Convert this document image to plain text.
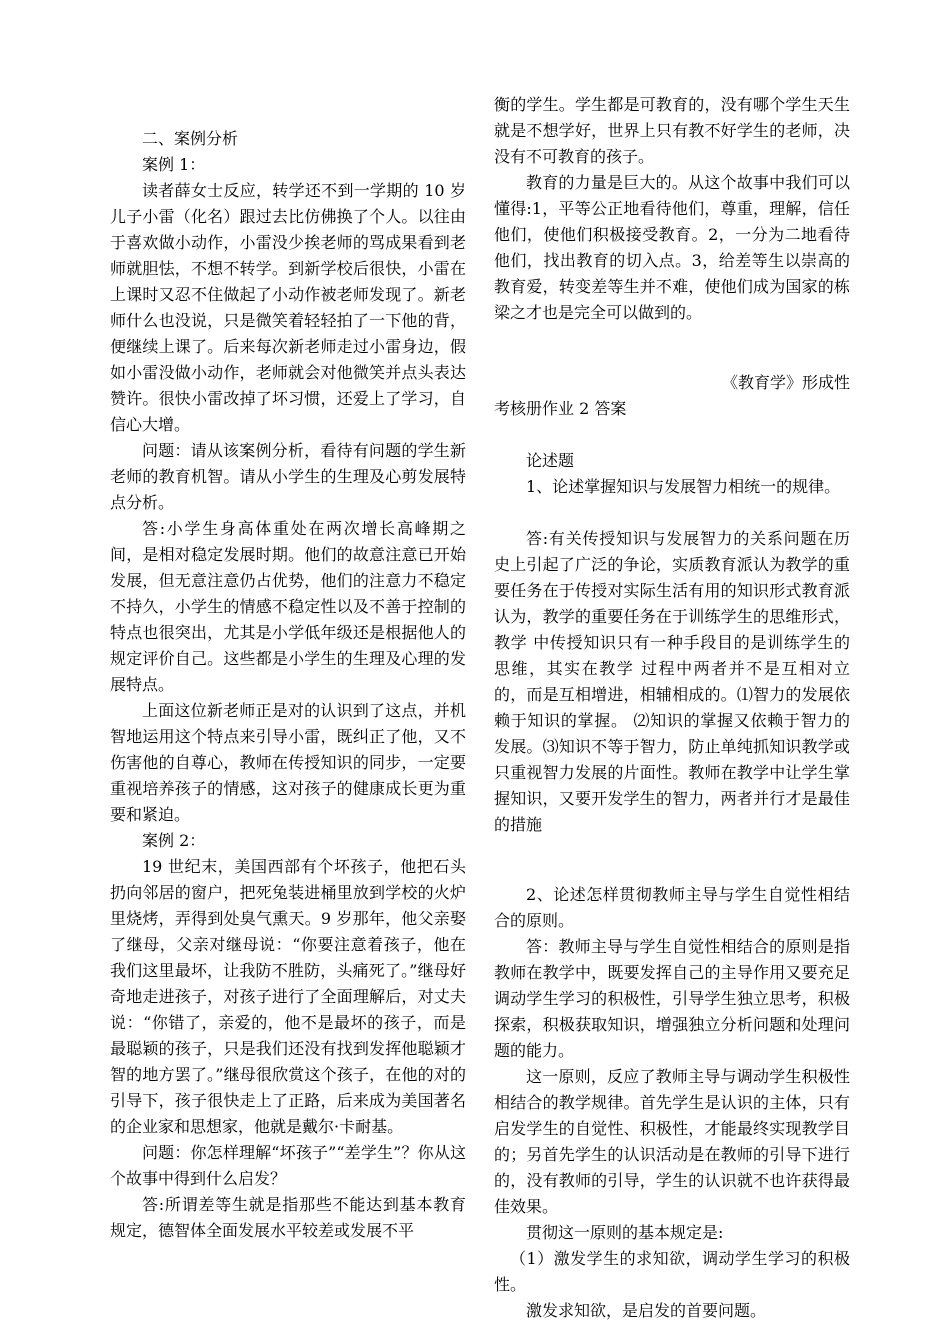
二、案例分析

案例 1：

读者薛女士反应，转学还不到一学期的 10 岁儿子小雷（化名）跟过去比仿佛换了个人。以往由于喜欢做小动作，小雷没少挨老师的骂成果看到老师就胆怯，不想不转学。到新学校后很快，小雷在上课时又忍不住做起了小动作被老师发现了。新老师什么也没说，只是微笑着轻轻拍了一下他的背，便继续上课了。后来每次新老师走过小雷身边，假如小雷没做小动作，老师就会对他微笑并点头表达赞许。很快小雷改掉了坏习惯，还爱上了学习，自信心大增。

问题：请从该案例分析，看待有问题的学生新老师的教育机智。请从小学生的生理及心剪发展特点分析。

答:小学生身高体重处在两次增长高峰期之间，是相对稳定发展时期。他们的故意注意已开始发展，但无意注意仍占优势，他们的注意力不稳定不持久，小学生的情感不稳定性以及不善于控制的特点也很突出，尤其是小学低年级还是根据他人的规定评价自己。这些都是小学生的生理及心理的发展特点。

上面这位新老师正是对的认识到了这点，并机智地运用这个特点来引导小雷，既纠正了他，又不伤害他的自尊心，教师在传授知识的同步，一定要重视培养孩子的情感，这对孩子的健康成长更为重要和紧迫。

案例 2：

19 世纪末，美国西部有个坏孩子，他把石头扔向邻居的窗户，把死兔装进桶里放到学校的火炉里烧烤，弄得到处臭气熏天。9 岁那年，他父亲娶了继母，父亲对继母说：“你要注意着孩子，他在我们这里最坏，让我防不胜防，头痛死了。”继母好奇地走进孩子，对孩子进行了全面理解后，对丈夫说：“你错了，亲爱的，他不是最坏的孩子，而是最聪颖的孩子，只是我们还没有找到发挥他聪颖才智的地方罢了。”继母很欣赏这个孩子，在他的对的引导下，孩子很快走上了正路，后来成为美国著名的企业家和思想家，他就是戴尔·卡耐基。

问题：你怎样理解“坏孩子”“差学生”？你从这个故事中得到什么启发？

答:所谓差等生就是指那些不能达到基本教育规定，德智体全面发展水平较差或发展不平

衡的学生。学生都是可教育的，没有哪个学生天生就是不想学好，世界上只有教不好学生的老师，决没有不可教育的孩子。

教育的力量是巨大的。从这个故事中我们可以懂得:1，平等公正地看待他们，尊重，理解，信任他们，使他们积极接受教育。2，一分为二地看待他们，找出教育的切入点。3，给差等生以崇高的教育爱，转变差等生并不难，使他们成为国家的栋梁之才也是完全可以做到的。

《教育学》形成性

考核册作业 2 答案

论述题

1、论述掌握知识与发展智力相统一的规律。

答:有关传授知识与发展智力的关系问题在历史上引起了广泛的争论，实质教育派认为教学的重要任务在于传授对实际生活有用的知识形式教育派认为，教学的重要任务在于训练学生的思维形式，教学 中传授知识只有一种手段目的是训练学生的思维，其实在教学 过程中两者并不是互相对立的，而是互相增进，相辅相成的。⑴智力的发展依赖于知识的掌握。 ⑵知识的掌握又依赖于智力的发展。⑶知识不等于智力，防止单纯抓知识教学或只重视智力发展的片面性。教师在教学中让学生掌握知识，又要开发学生的智力，两者并行才是最佳的措施

2、论述怎样贯彻教师主导与学生自觉性相结合的原则。

答：教师主导与学生自觉性相结合的原则是指教师在教学中，既要发挥自己的主导作用又要充足调动学生学习的积极性，引导学生独立思考，积极探索，积极获取知识，增强独立分析问题和处理问题的能力。

这一原则，反应了教师主导与调动学生积极性相结合的教学规律。首先学生是认识的主体，只有启发学生的自觉性、积极性，才能最终实现教学目的；另首先学生的认识活动是在教师的引导下进行的，没有教师的引导，学生的认识就不也许获得最佳效果。

贯彻这一原则的基本规定是:

（1）激发学生的求知欲，调动学生学习的积极性。

激发求知欲，是启发的首要问题。
